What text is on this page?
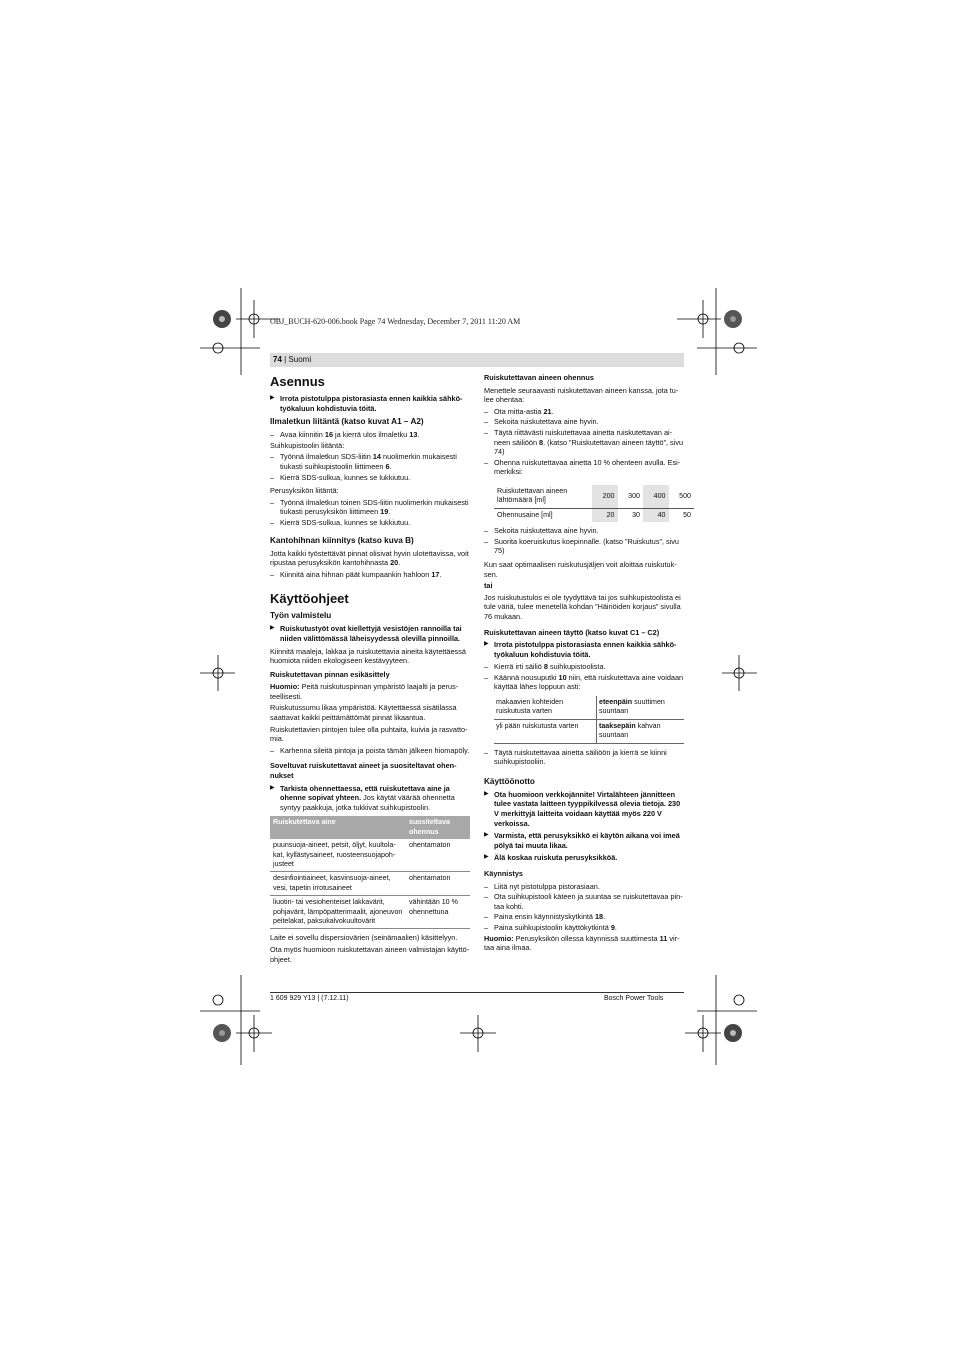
OBJ_BUCH-620-006.book Page 74 Wednesday, December 7, 2011 11:20 AM
74 | Suomi
Asennus
▶ Irrota pistotulppa pistorasiasta ennen kaikkia sähkötyökaluun kohdistuvia töitä.
Ilmaletkun liitäntä (katso kuvat A1 – A2)
– Avaa kiinnitin 16 ja kierrä ulos ilmaletku 13.

Suihkupistoolin liitäntä:

– Työnnä ilmaletkun SDS-liitin 14 nuolimerkin mukaisesti tiukasti suihkupistoolin liittimeen 6.
– Kierrä SDS-sulkua, kunnes se lukkiutuu.

Perusyksikön liitäntä:

– Työnnä ilmaletkun toinen SDS-liitin nuolimerkin mukaisesti tiukasti perusyksikön liittimeen 19.
– Kierrä SDS-sulkua, kunnes se lukkiutuu.
Kantohihnan kiinnitys (katso kuva B)

Jotta kaikki työstettävät pinnat olisivat hyvin ulotettavissa, voit ripustaa perusyksikön kantohihnasta 20.

– Kiinnitä aina hihnan päät kumpaankin hahloon 17.
Käyttöohjeet
Työn valmistelu
▶ Ruiskutustyöt ovat kiellettyjä vesistöjen rannoilla tai niiden välittömässä läheisyydessä olevilla pinnoilla.

Kiinnitä maaleja, lakkaa ja ruiskutettavia aineita käytettäessä huomiota niiden ekologiseen kestävyyteen.

Ruiskutettavan pinnan esikäsittely

Huomio: Peitä ruiskutuspinnan ympäristö laajalti ja perusteellisesti.

Ruiskutussumu likaa ympäristöä. Käytettäessä sisätilassa saattavat kaikki peittämättömät pinnat likaantua.

Ruiskutettavien pintojen tulee olla puhtaita, kuivia ja rasvattomia.

– Karhenna sileitä pintoja ja poista tämän jälkeen hiomapöly.
Soveltuvat ruiskutettavat aineet ja suositeltavat ohennukset
▶ Tarkista ohennettaessa, että ruiskutettava aine ja ohenne sopivat yhteen. Jos käytät väärää ohennetta syntyy paakkuja, jotka tukkivat suihkupistoolin.
Ruiskutettava aine	suositeltava ohennus
puunsuoja-aineet, petsit, öljyt, kuultolakat, kyllästysaineet, ruosteensuojapohjusteet	ohentamaton
desinfiointiaineet, kasvinsuoja-aineet, vesi, tapetin irrotusaineet	ohentamaton
liuotin- tai vesiohenteiset lakkavärit, pohjavärit, lämpöpatterimaalit, ajoneuvon peitelakat, paksukalvokuultovärit	vähintään 10 % ohennettuna

Laite ei sovellu dispersiovärien (seinämaalien) käsittelyyn.

Ota myös huomioon ruiskutettavan aineen valmistajan käyttöohjeet.

Ruiskutettavan aineen ohennus

Menettele seuraavasti ruiskutettavan aineen kanssa, jota tulee ohentaa:

– Ota mitta-astia 21.
– Sekoita ruiskutettava aine hyvin.
– Täytä riittävästi ruiskutettavaa ainetta ruiskutettavan aineen säiliöön 8. (katso ”Ruiskutettavan aineen täyttö”, sivu 74)
– Ohenna ruiskutettavaa ainetta 10 % ohenteen avulla. Esimerkiksi:
Ruiskutettavan aineen lähtömäärä [ml]	200	300	400	500
Ohennusaine [ml]	20	30	40	50
– Sekoita ruiskutettava aine hyvin.
– Suorita koeruiskutus koepinnalle. (katso ”Ruiskutus”, sivu 75)

Kun saat optimaalisen ruiskutusjäljen voit aloittaa ruiskutuksen.

tai

Jos ruiskutustulos ei ole tyydyttävä tai jos suihkupistoolista ei tule väriä, tulee menetellä kohdan ”Häiriöiden korjaus” sivulla 76 mukaan.

Ruiskutettavan aineen täyttö (katso kuvat C1 – C2)
▶ Irrota pistotulppa pistorasiasta ennen kaikkia sähkötyökaluun kohdistuvia töitä.
– Kierrä irti säiliö 8 suihkupistoolista.
– Käännä nousuputki 10 niin, että ruiskutettava aine voidaan käyttää lähes loppuun asti:
makaavien kohteiden ruiskutusta varten	eteenpäin suuttimen suuntaan
yli pään ruiskutusta varten	taaksepäin kahvan suuntaan
– Täytä ruiskutettavaa ainetta säiliöön ja kierrä se kiinni suihkupistooliin.
Käyttöönotto
▶ Ota huomioon verkkojännite! Virtalähteen jännitteen tulee vastata laitteen tyyppikilvessä olevia tietoja. 230 V merkittyjä laitteita voidaan käyttää myös 220 V verkoissa.
▶ Varmista, että perusyksikkö ei käytön aikana voi imeä pölyä tai muuta likaa.
▶ Älä koskaa ruiskuta perusyksikköä.
Käynnistys
– Liitä nyt pistotulppa pistorasiaan.
– Ota suihkupistooli käteen ja suuntaa se ruiskutettavaa pintaa kohti.
– Paina ensin käynnistyskytkintä 18.
– Paina suihkupistoolin käyttökytkintä 9.

Huomio: Perusyksikön ollessa käynnissä suuttimesta 11 virtaa aina ilmaa.

1 609 929 Y13 | (7.12.11)	Bosch Power Tools
